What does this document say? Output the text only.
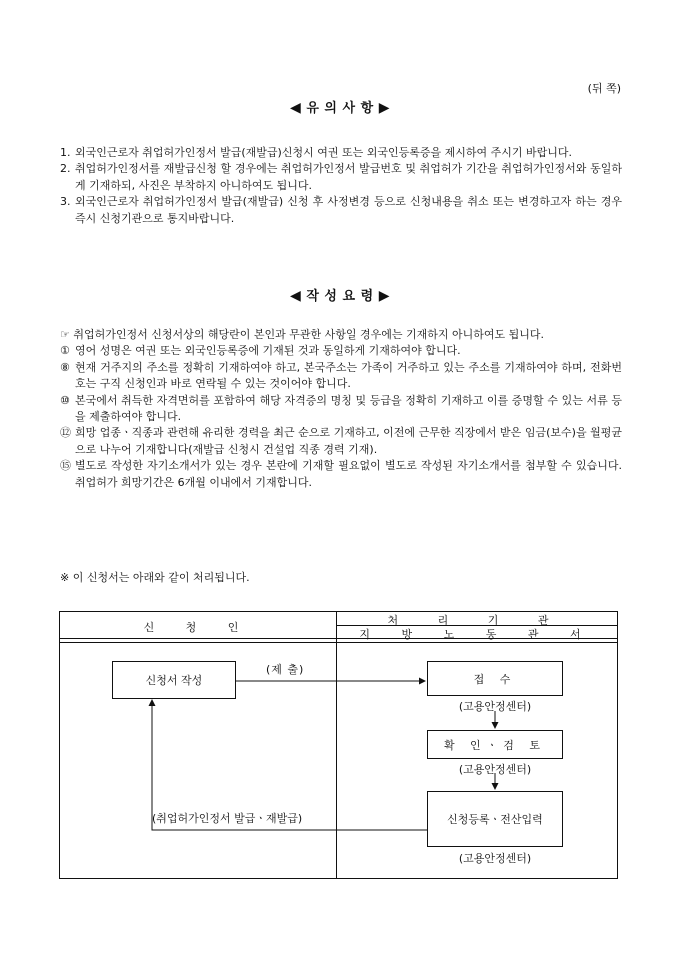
(뒤 쪽)
◀ 유 의 사 항 ▶
1. 외국인근로자 취업허가인정서 발급(재발급)신청시 여권 또는 외국인등록증을 제시하여 주시기 바랍니다.
2. 취업허가인정서를 재발급신청 할 경우에는 취업허가인정서 발급번호 및 취업허가 기간을 취업허가인정서와 동일하게 기재하되, 사진은 부착하지 아니하여도 됩니다.
3. 외국인근로자 취업허가인정서 발급(재발급) 신청 후 사정변경 등으로 신청내용을 취소 또는 변경하고자 하는 경우 즉시 신청기관으로 통지바랍니다.
◀ 작 성 요 령 ▶
☞ 취업허가인정서 신청서상의 해당란이 본인과 무관한 사항일 경우에는 기재하지 아니하여도 됩니다.
① 영어 성명은 여권 또는 외국인등록증에 기재된 것과 동일하게 기재하여야 합니다.
⑧ 현재 거주지의 주소를 정확히 기재하여야 하고, 본국주소는 가족이 거주하고 있는 주소를 기재하여야 하며, 전화번호는 구직 신청인과 바로 연락될 수 있는 것이어야 합니다.
⑩ 본국에서 취득한 자격면허를 포함하여 해당 자격증의 명칭 및 등급을 정확히 기재하고 이를 증명할 수 있는 서류 등을 제출하여야 합니다.
⑫ 희망 업종ㆍ직종과 관련해 유리한 경력을 최근 순으로 기재하고, 이전에 근무한 직장에서 받은 임금(보수)을 월평균으로 나누어 기재합니다(재발급 신청시 건설업 직종 경력 기재).
⑮ 별도로 작성한 자기소개서가 있는 경우 본란에 기재할 필요없이 별도로 작성된 자기소개서를 첨부할 수 있습니다. 취업허가 희망기간은 6개월 이내에서 기재합니다.
※ 이 신청서는 아래와 같이 처리됩니다.
신 청 인
처 리 기 관
지 방 노 동 관 서
신청서 작성
(제 출)
접 수
(고용안정센터)
확 인ㆍ검 토
(고용안정센터)
신청등록ㆍ전산입력
(고용안정센터)
(취업허가인정서 발급ㆍ재발급)
